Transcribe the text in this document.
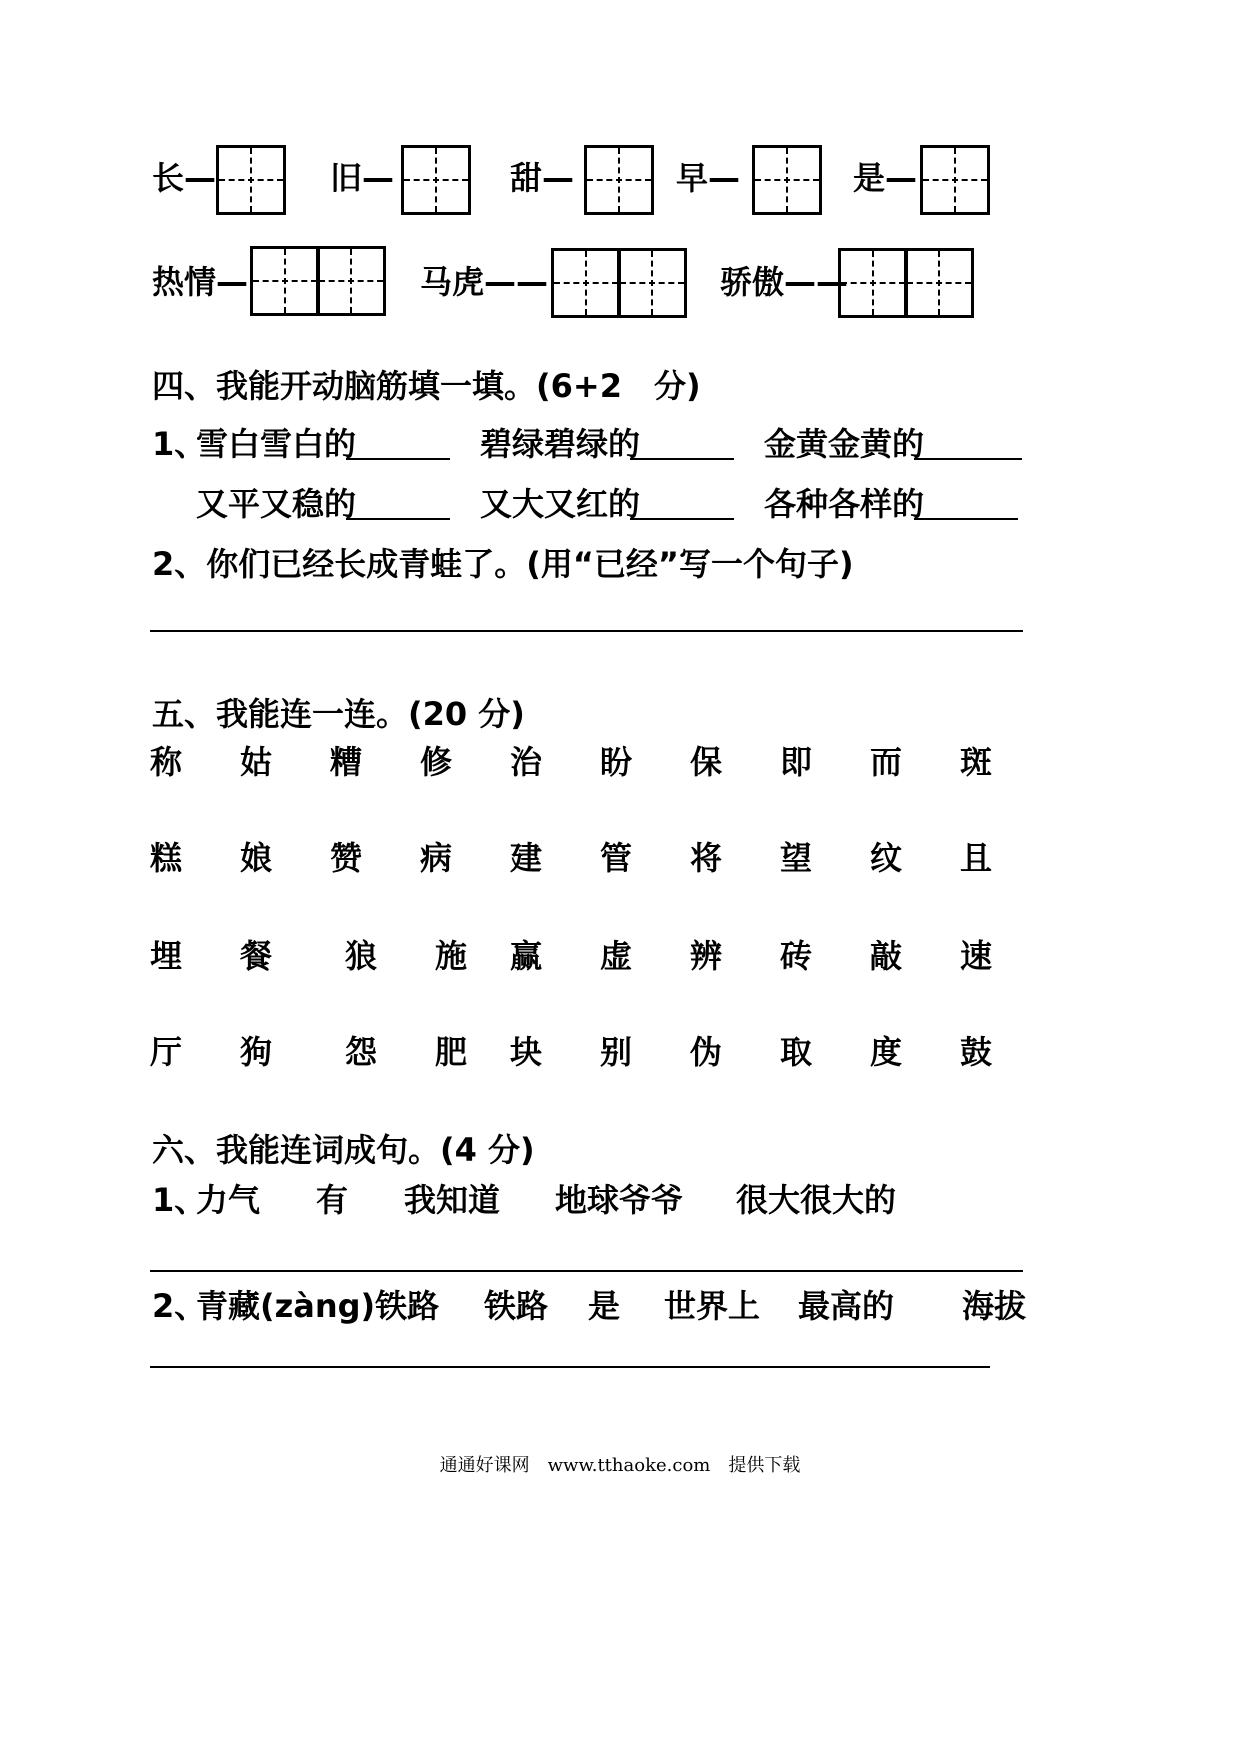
长—	旧—	甜—	早—	是—
热情—	马虎——	骄傲——
四、我能开动脑筋填一填。(6+2　分)
1、
雪白雪白的	碧绿碧绿的	金黄金黄的
又平又稳的	又大又红的	各种各样的
2、你们已经长成青蛙了。(用“已经”写一个句子)
五、我能连一连。(20 分)
称 姑 糟 修 治 盼 保 即 而 斑
糕 娘 赞 病 建 管 将 望 纹 且
埋 餐 狼 施 赢 虚 辨 砖 敲 速
厅 狗 怨 肥 块 别 伪 取 度 鼓
六、我能连词成句。(4 分)
1、
力气 有 我知道 地球爷爷 很大很大的
2、
青藏(zàng)铁路 铁路 是 世界上 最高的 海拔
通通好课网　www.tthaoke.com　提供下载
